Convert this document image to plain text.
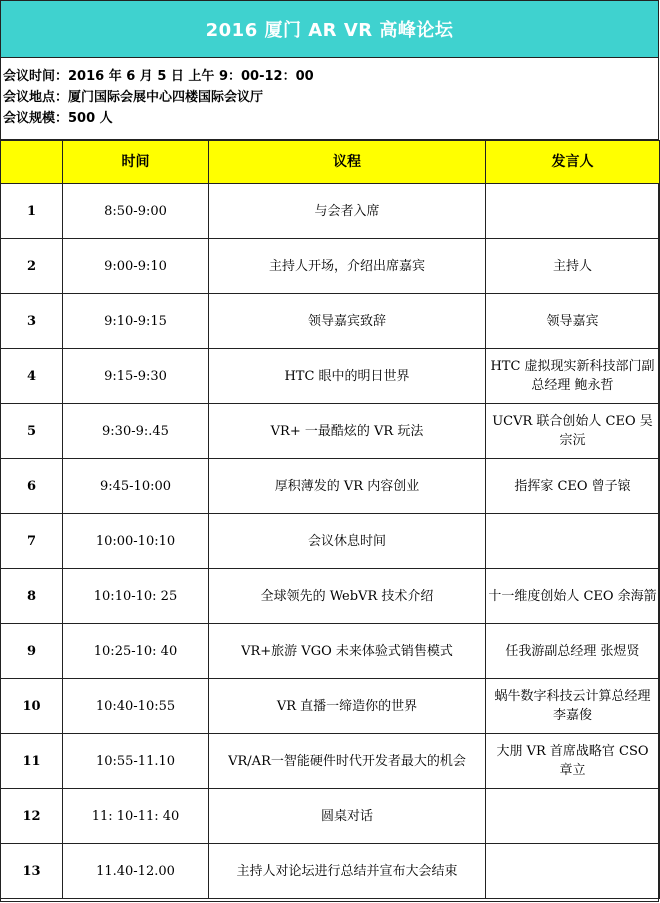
2016 厦门 AR VR 高峰论坛
会议时间：2016 年 6 月 5 日 上午 9：00-12：00
会议地点：厦门国际会展中心四楼国际会议厅
会议规模：500 人
	时间	议程	发言人
1	8:50-9:00	与会者入席	
2	9:00-9:10	主持人开场，介绍出席嘉宾	主持人
3	9:10-9:15	领导嘉宾致辞	领导嘉宾
4	9:15-9:30	HTC 眼中的明日世界	HTC 虚拟现实新科技部门副总经理 鲍永哲
5	9:30-9:.45	VR+ 一最酷炫的 VR 玩法	UCVR 联合创始人 CEO 吴宗沅
6	9:45-10:00	厚积薄发的 VR 内容创业	指挥家 CEO 曾子锿
7	10:00-10:10	会议休息时间	
8	10:10-10: 25	全球领先的 WebVR 技术介绍	十一维度创始人 CEO 余海箭
9	10:25-10: 40	VR+旅游 VGO 未来体验式销售模式	任我游副总经理 张煜贤
10	10:40-10:55	VR 直播一缔造你的世界	蜗牛数字科技云计算总经理 李嘉俊
11	10:55-11.10	VR/AR一智能硬件时代开发者最大的机会	大朋 VR 首席战略官 CSO 章立
12	11: 10-11: 40	圆桌对话	
13	11.40-12.00	主持人对论坛进行总结并宣布大会结束	
